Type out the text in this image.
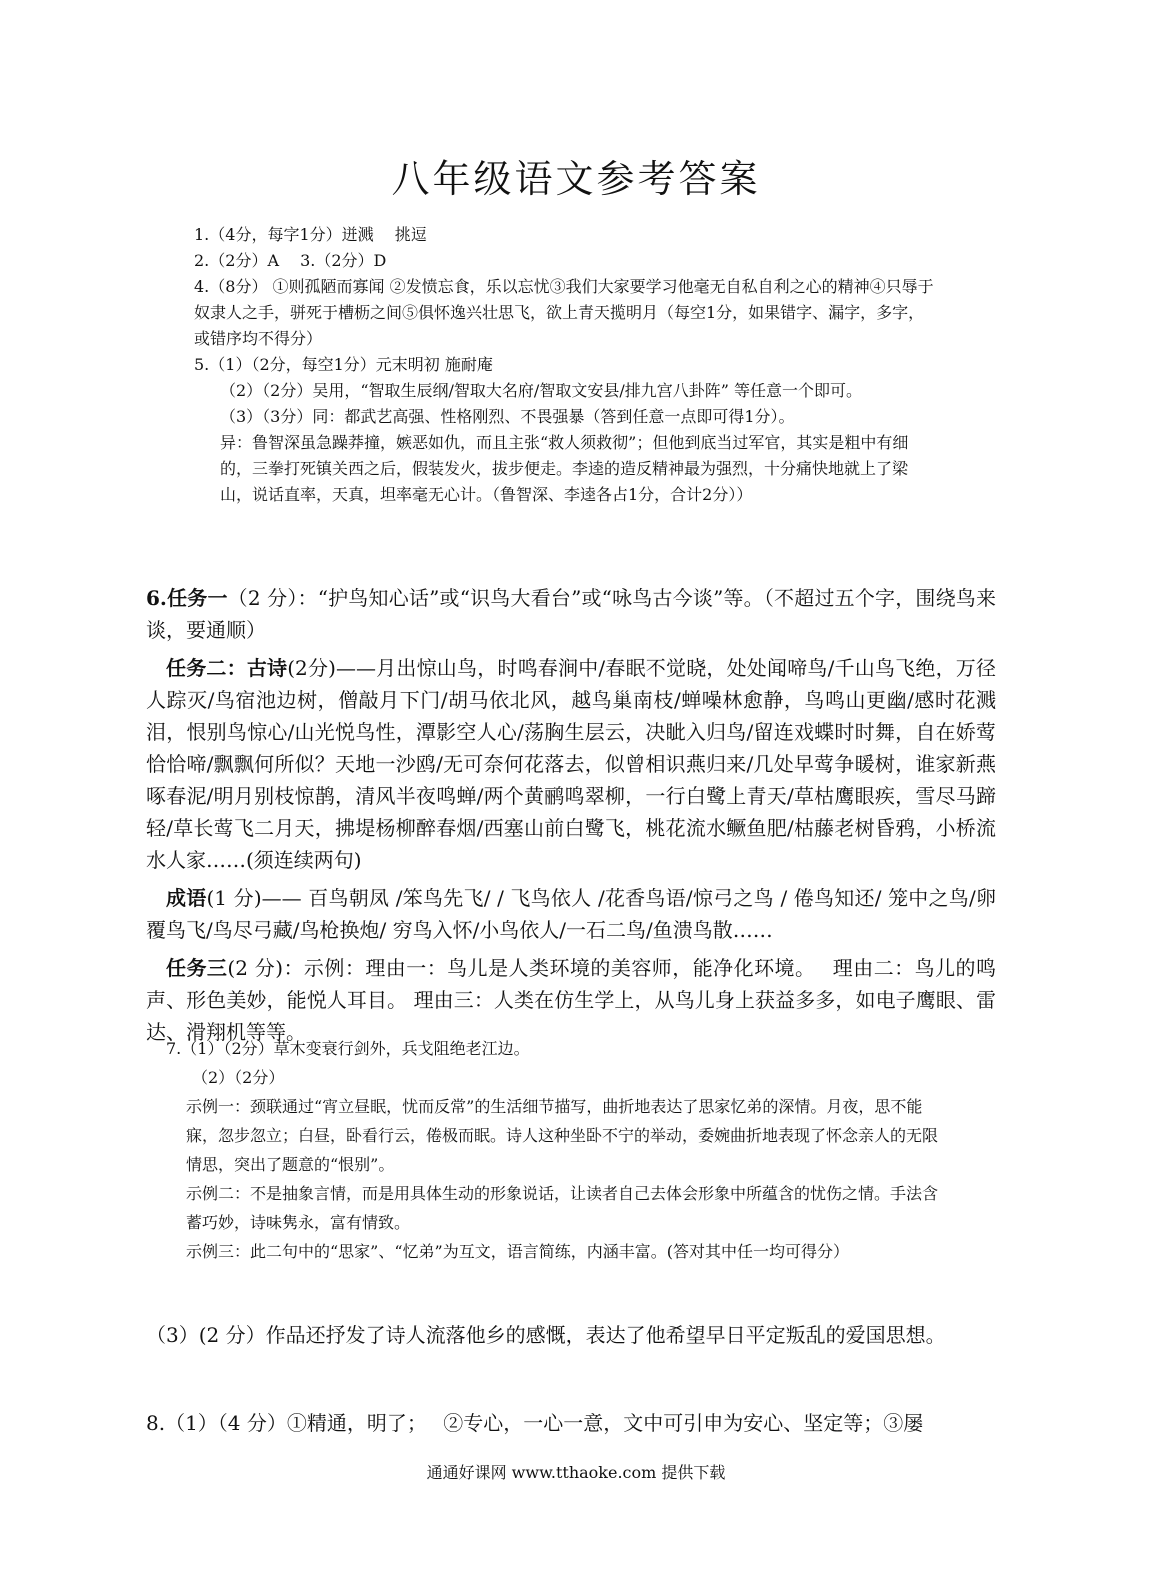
八年级语文参考答案

1.（4分，每字1分）迸溅　 挑逗

2.（2分）A　 3.（2分）D

4.（8分） ①则孤陋而寡闻 ②发愤忘食，乐以忘忧③我们大家要学习他毫无自私自利之心的精神④只辱于奴隶人之手，骈死于槽枥之间⑤俱怀逸兴壮思飞，欲上青天揽明月（每空1分，如果错字、漏字，多字，或错序均不得分）

5.（1）（2分，每空1分）元末明初 施耐庵

（2）（2分）吴用，“智取生辰纲/智取大名府/智取文安县/排九宫八卦阵” 等任意一个即可。

（3）（3分）同：都武艺高强、性格刚烈、不畏强暴（答到任意一点即可得1分）。

异：鲁智深虽急躁莽撞，嫉恶如仇，而且主张“救人须救彻”；但他到底当过军官，其实是粗中有细的，三拳打死镇关西之后，假装发火，拔步便走。李逵的造反精神最为强烈，十分痛快地就上了梁山，说话直率，天真，坦率毫无心计。（鲁智深、李逵各占1分，合计2分））

6.任务一（2 分）：“护鸟知心话”或“识鸟大看台”或“咏鸟古今谈”等。（不超过五个字，围绕鸟来谈，要通顺）

任务二：古诗(2分)——月出惊山鸟，时鸣春涧中/春眠不觉晓，处处闻啼鸟/千山鸟飞绝，万径人踪灭/鸟宿池边树，僧敲月下门/胡马依北风，越鸟巢南枝/蝉噪林愈静，鸟鸣山更幽/感时花溅泪，恨别鸟惊心/山光悦鸟性，潭影空人心/荡胸生层云，决眦入归鸟/留连戏蝶时时舞，自在娇莺恰恰啼/飘飘何所似？天地一沙鸥/无可奈何花落去，似曾相识燕归来/几处早莺争暖树，谁家新燕啄春泥/明月别枝惊鹊，清风半夜鸣蝉/两个黄鹂鸣翠柳，一行白鹭上青天/草枯鹰眼疾，雪尽马蹄轻/草长莺飞二月天，拂堤杨柳醉春烟/西塞山前白鹭飞，桃花流水鳜鱼肥/枯藤老树昏鸦，小桥流水人家……(须连续两句)

成语(1 分)—— 百鸟朝凤 /笨鸟先飞/ / 飞鸟依人 /花香鸟语/惊弓之鸟 / 倦鸟知还/ 笼中之鸟/卵覆鸟飞/鸟尽弓藏/鸟枪换炮/ 穷鸟入怀/小鸟依人/一石二鸟/鱼溃鸟散……

任务三(2 分)：示例：理由一：鸟儿是人类环境的美容师，能净化环境。　 理由二：鸟儿的鸣声、形色美妙，能悦人耳目。 理由三：人类在仿生学上，从鸟儿身上获益多多，如电子鹰眼、雷达、滑翔机等等。

7.（1）（2分）草木变衰行剑外，兵戈阻绝老江边。

（2）（2分）

示例一：颈联通过“宵立昼眠，忧而反常”的生活细节描写，曲折地表达了思家忆弟的深情。月夜，思不能寐，忽步忽立；白昼，卧看行云，倦极而眠。诗人这种坐卧不宁的举动，委婉曲折地表现了怀念亲人的无限情思，突出了题意的“恨别”。

示例二：不是抽象言情，而是用具体生动的形象说话，让读者自己去体会形象中所蕴含的忧伤之情。手法含蓄巧妙，诗味隽永，富有情致。

示例三：此二句中的“思家”、“忆弟”为互文，语言简练，内涵丰富。(答对其中任一均可得分）

（3）(2 分）作品还抒发了诗人流落他乡的感慨，表达了他希望早日平定叛乱的爱国思想。
8.（1）（4 分）①精通，明了；　 ②专心，一心一意，文中可引申为安心、坚定等；③屡
通通好课网 www.tthaoke.com 提供下载
